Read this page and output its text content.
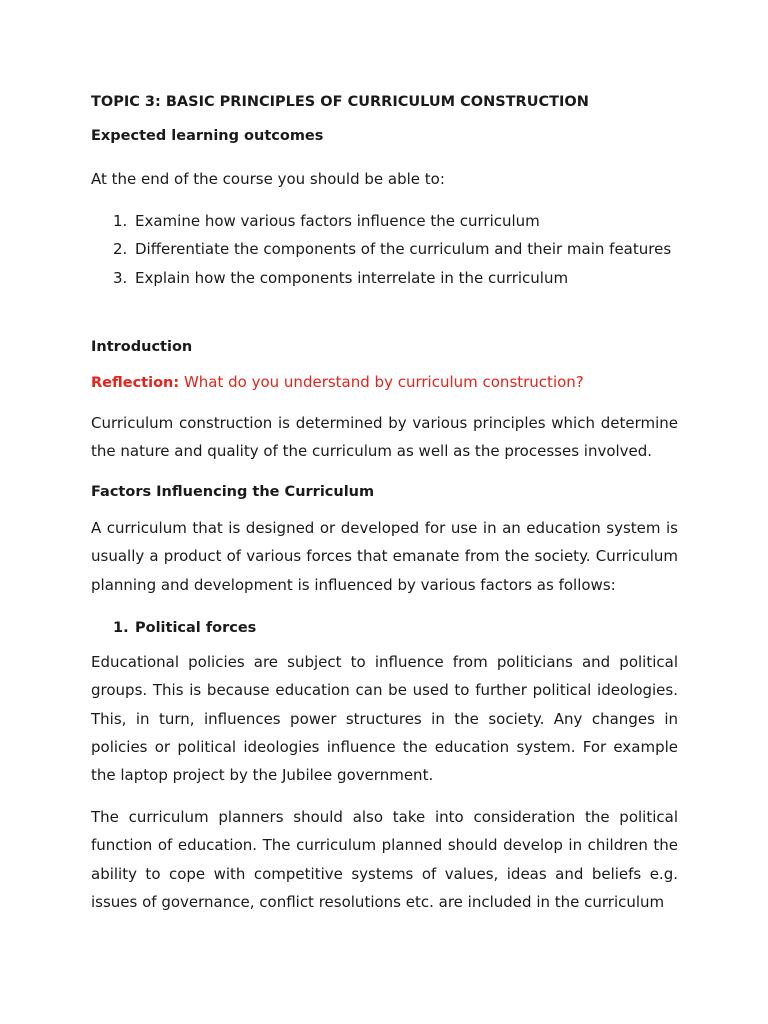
TOPIC 3: BASIC PRINCIPLES OF CURRICULUM CONSTRUCTION
Expected learning outcomes
At the end of the course you should be able to:
1. Examine how various factors influence the curriculum
2. Differentiate the components of the curriculum and their main features
3. Explain how the components interrelate in the curriculum
Introduction
Reflection: What do you understand by curriculum construction?
Curriculum construction is determined by various principles which determine the nature and quality of the curriculum as well as the processes involved.
Factors Influencing the Curriculum
A curriculum that is designed or developed for use in an education system is usually a product of various forces that emanate from the society. Curriculum planning and development is influenced by various factors as follows:
1. Political forces
Educational policies are subject to influence from politicians and political groups. This is because education can be used to further political ideologies. This, in turn, influences power structures in the society. Any changes in policies or political ideologies influence the education system. For example the laptop project by the Jubilee government.
The curriculum planners should also take into consideration the political function of education. The curriculum planned should develop in children the ability to cope with competitive systems of values, ideas and beliefs e.g. issues of governance, conflict resolutions etc. are included in the curriculum
